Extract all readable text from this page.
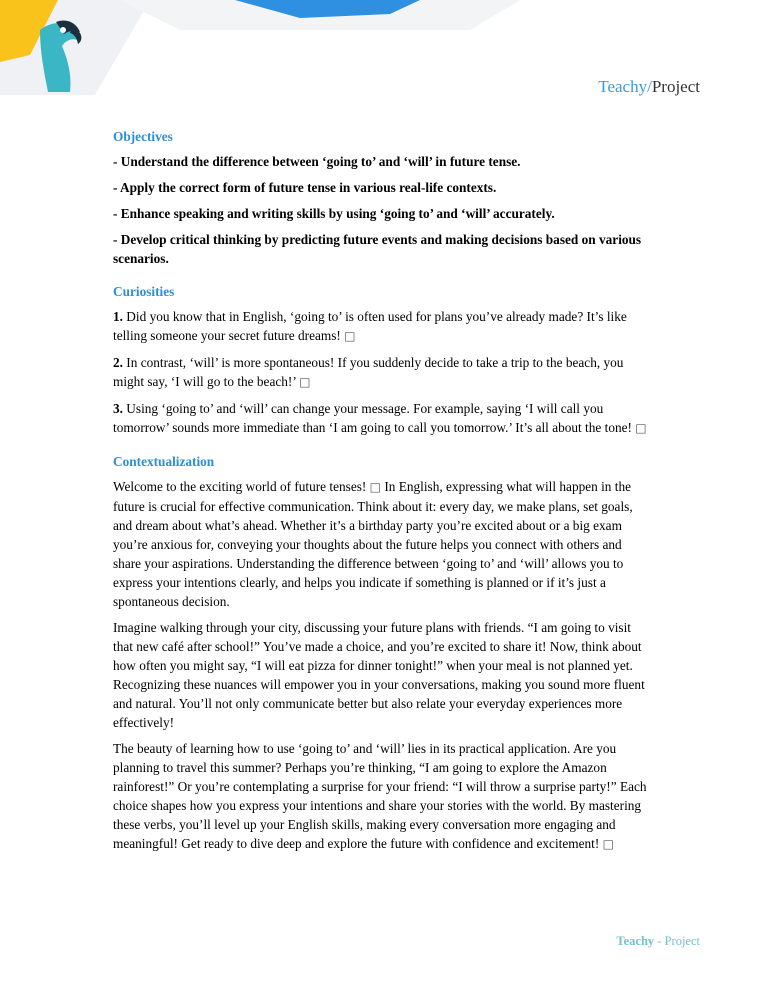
Teachy/Project
Objectives

- Understand the difference between ‘going to’ and ‘will’ in future tense.

- Apply the correct form of future tense in various real-life contexts.

- Enhance speaking and writing skills by using ‘going to’ and ‘will’ accurately.

- Develop critical thinking by predicting future events and making decisions based on various scenarios.

Curiosities

1. Did you know that in English, ‘going to’ is often used for plans you’ve already made? It’s like telling someone your secret future dreams! □

2. In contrast, ‘will’ is more spontaneous! If you suddenly decide to take a trip to the beach, you might say, ‘I will go to the beach!’ □

3. Using ‘going to’ and ‘will’ can change your message. For example, saying ‘I will call you tomorrow’ sounds more immediate than ‘I am going to call you tomorrow.’ It’s all about the tone! □

Contextualization

Welcome to the exciting world of future tenses! □ In English, expressing what will happen in the future is crucial for effective communication. Think about it: every day, we make plans, set goals, and dream about what’s ahead. Whether it’s a birthday party you’re excited about or a big exam you’re anxious for, conveying your thoughts about the future helps you connect with others and share your aspirations. Understanding the difference between ‘going to’ and ‘will’ allows you to express your intentions clearly, and helps you indicate if something is planned or if it’s just a spontaneous decision.

Imagine walking through your city, discussing your future plans with friends. “I am going to visit that new café after school!” You’ve made a choice, and you’re excited to share it! Now, think about how often you might say, “I will eat pizza for dinner tonight!” when your meal is not planned yet. Recognizing these nuances will empower you in your conversations, making you sound more fluent and natural. You’ll not only communicate better but also relate your everyday experiences more effectively!

The beauty of learning how to use ‘going to’ and ‘will’ lies in its practical application. Are you planning to travel this summer? Perhaps you’re thinking, “I am going to explore the Amazon rainforest!” Or you’re contemplating a surprise for your friend: “I will throw a surprise party!” Each choice shapes how you express your intentions and share your stories with the world. By mastering these verbs, you’ll level up your English skills, making every conversation more engaging and meaningful! Get ready to dive deep and explore the future with confidence and excitement! □

Teachy - Project
